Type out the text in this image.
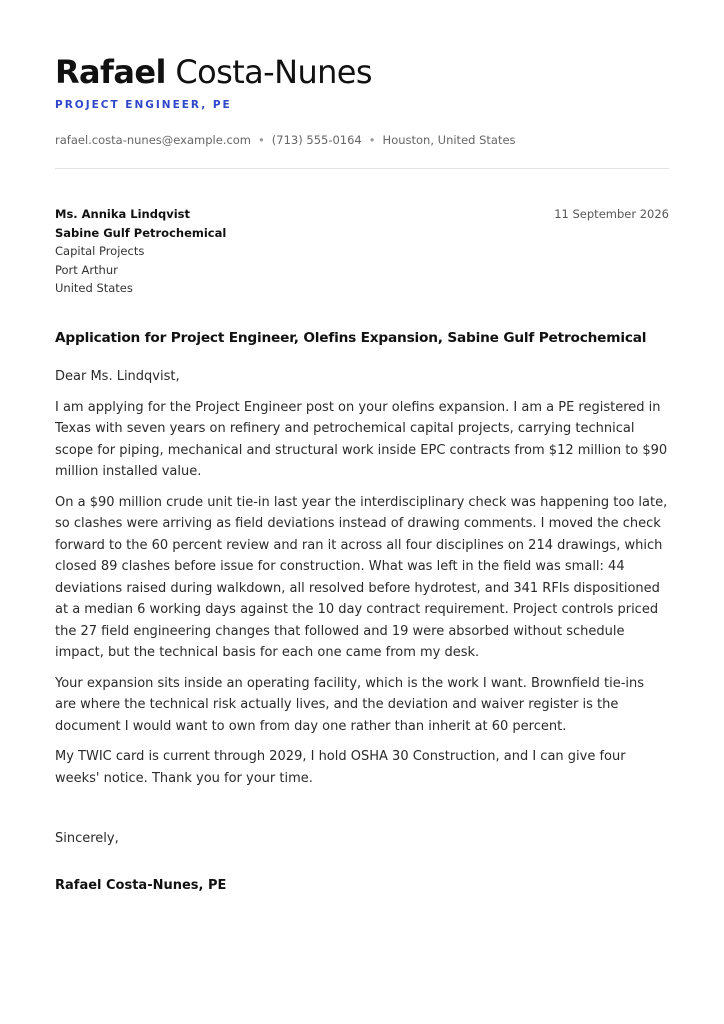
Rafael Costa-Nunes
PROJECT ENGINEER, PE
rafael.costa-nunes@example.com • (713) 555-0164 • Houston, United States
Ms. Annika Lindqvist
Sabine Gulf Petrochemical
Capital Projects
Port Arthur
United States
11 September 2026
Application for Project Engineer, Olefins Expansion, Sabine Gulf Petrochemical

Dear Ms. Lindqvist,

I am applying for the Project Engineer post on your olefins expansion. I am a PE registered in Texas with seven years on refinery and petrochemical capital projects, carrying technical scope for piping, mechanical and structural work inside EPC contracts from $12 million to $90 million installed value.

On a $90 million crude unit tie-in last year the interdisciplinary check was happening too late, so clashes were arriving as field deviations instead of drawing comments. I moved the check forward to the 60 percent review and ran it across all four disciplines on 214 drawings, which closed 89 clashes before issue for construction. What was left in the field was small: 44 deviations raised during walkdown, all resolved before hydrotest, and 341 RFIs dispositioned at a median 6 working days against the 10 day contract requirement. Project controls priced the 27 field engineering changes that followed and 19 were absorbed without schedule impact, but the technical basis for each one came from my desk.

Your expansion sits inside an operating facility, which is the work I want. Brownfield tie-ins are where the technical risk actually lives, and the deviation and waiver register is the document I would want to own from day one rather than inherit at 60 percent.

My TWIC card is current through 2029, I hold OSHA 30 Construction, and I can give four weeks' notice. Thank you for your time.

Sincerely,
Rafael Costa-Nunes, PE
